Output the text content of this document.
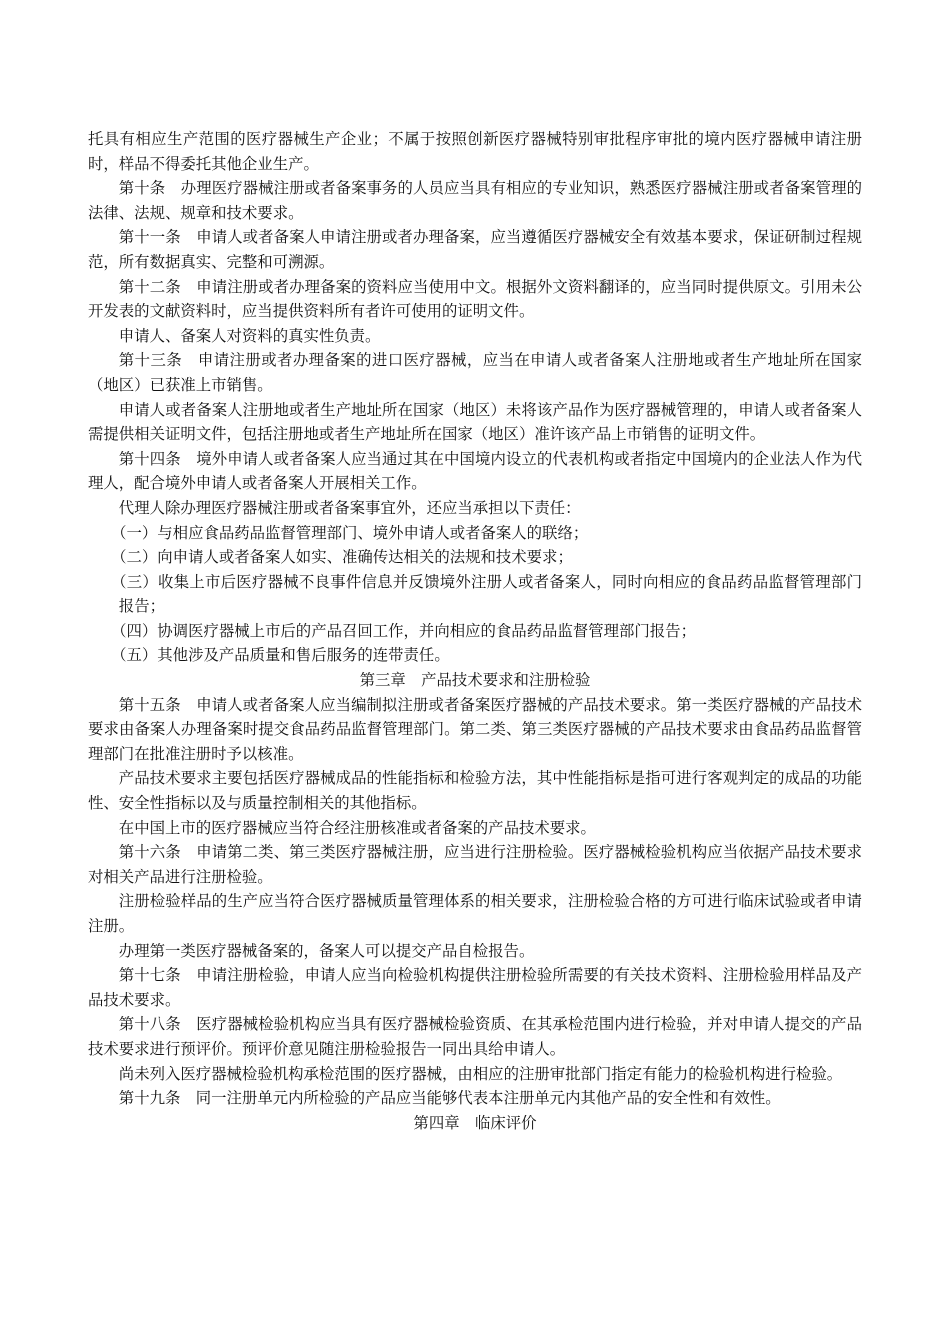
托具有相应生产范围的医疗器械生产企业；不属于按照创新医疗器械特别审批程序审批的境内医疗器械申请注册时，样品不得委托其他企业生产。

第十条　办理医疗器械注册或者备案事务的人员应当具有相应的专业知识，熟悉医疗器械注册或者备案管理的法律、法规、规章和技术要求。

第十一条　申请人或者备案人申请注册或者办理备案，应当遵循医疗器械安全有效基本要求，保证研制过程规范，所有数据真实、完整和可溯源。

第十二条　申请注册或者办理备案的资料应当使用中文。根据外文资料翻译的，应当同时提供原文。引用未公开发表的文献资料时，应当提供资料所有者许可使用的证明文件。

申请人、备案人对资料的真实性负责。

第十三条　申请注册或者办理备案的进口医疗器械，应当在申请人或者备案人注册地或者生产地址所在国家（地区）已获准上市销售。

申请人或者备案人注册地或者生产地址所在国家（地区）未将该产品作为医疗器械管理的，申请人或者备案人需提供相关证明文件，包括注册地或者生产地址所在国家（地区）准许该产品上市销售的证明文件。

第十四条　境外申请人或者备案人应当通过其在中国境内设立的代表机构或者指定中国境内的企业法人作为代理人，配合境外申请人或者备案人开展相关工作。

代理人除办理医疗器械注册或者备案事宜外，还应当承担以下责任：

（一）与相应食品药品监督管理部门、境外申请人或者备案人的联络；

（二）向申请人或者备案人如实、准确传达相关的法规和技术要求；

（三）收集上市后医疗器械不良事件信息并反馈境外注册人或者备案人，同时向相应的食品药品监督管理部门报告；

（四）协调医疗器械上市后的产品召回工作，并向相应的食品药品监督管理部门报告；

（五）其他涉及产品质量和售后服务的连带责任。

第三章　产品技术要求和注册检验

第十五条　申请人或者备案人应当编制拟注册或者备案医疗器械的产品技术要求。第一类医疗器械的产品技术要求由备案人办理备案时提交食品药品监督管理部门。第二类、第三类医疗器械的产品技术要求由食品药品监督管理部门在批准注册时予以核准。

产品技术要求主要包括医疗器械成品的性能指标和检验方法，其中性能指标是指可进行客观判定的成品的功能性、安全性指标以及与质量控制相关的其他指标。

在中国上市的医疗器械应当符合经注册核准或者备案的产品技术要求。

第十六条　申请第二类、第三类医疗器械注册，应当进行注册检验。医疗器械检验机构应当依据产品技术要求对相关产品进行注册检验。

注册检验样品的生产应当符合医疗器械质量管理体系的相关要求，注册检验合格的方可进行临床试验或者申请注册。

办理第一类医疗器械备案的，备案人可以提交产品自检报告。

第十七条　申请注册检验，申请人应当向检验机构提供注册检验所需要的有关技术资料、注册检验用样品及产品技术要求。

第十八条　医疗器械检验机构应当具有医疗器械检验资质、在其承检范围内进行检验，并对申请人提交的产品技术要求进行预评价。预评价意见随注册检验报告一同出具给申请人。

尚未列入医疗器械检验机构承检范围的医疗器械，由相应的注册审批部门指定有能力的检验机构进行检验。

第十九条　同一注册单元内所检验的产品应当能够代表本注册单元内其他产品的安全性和有效性。

第四章　临床评价
